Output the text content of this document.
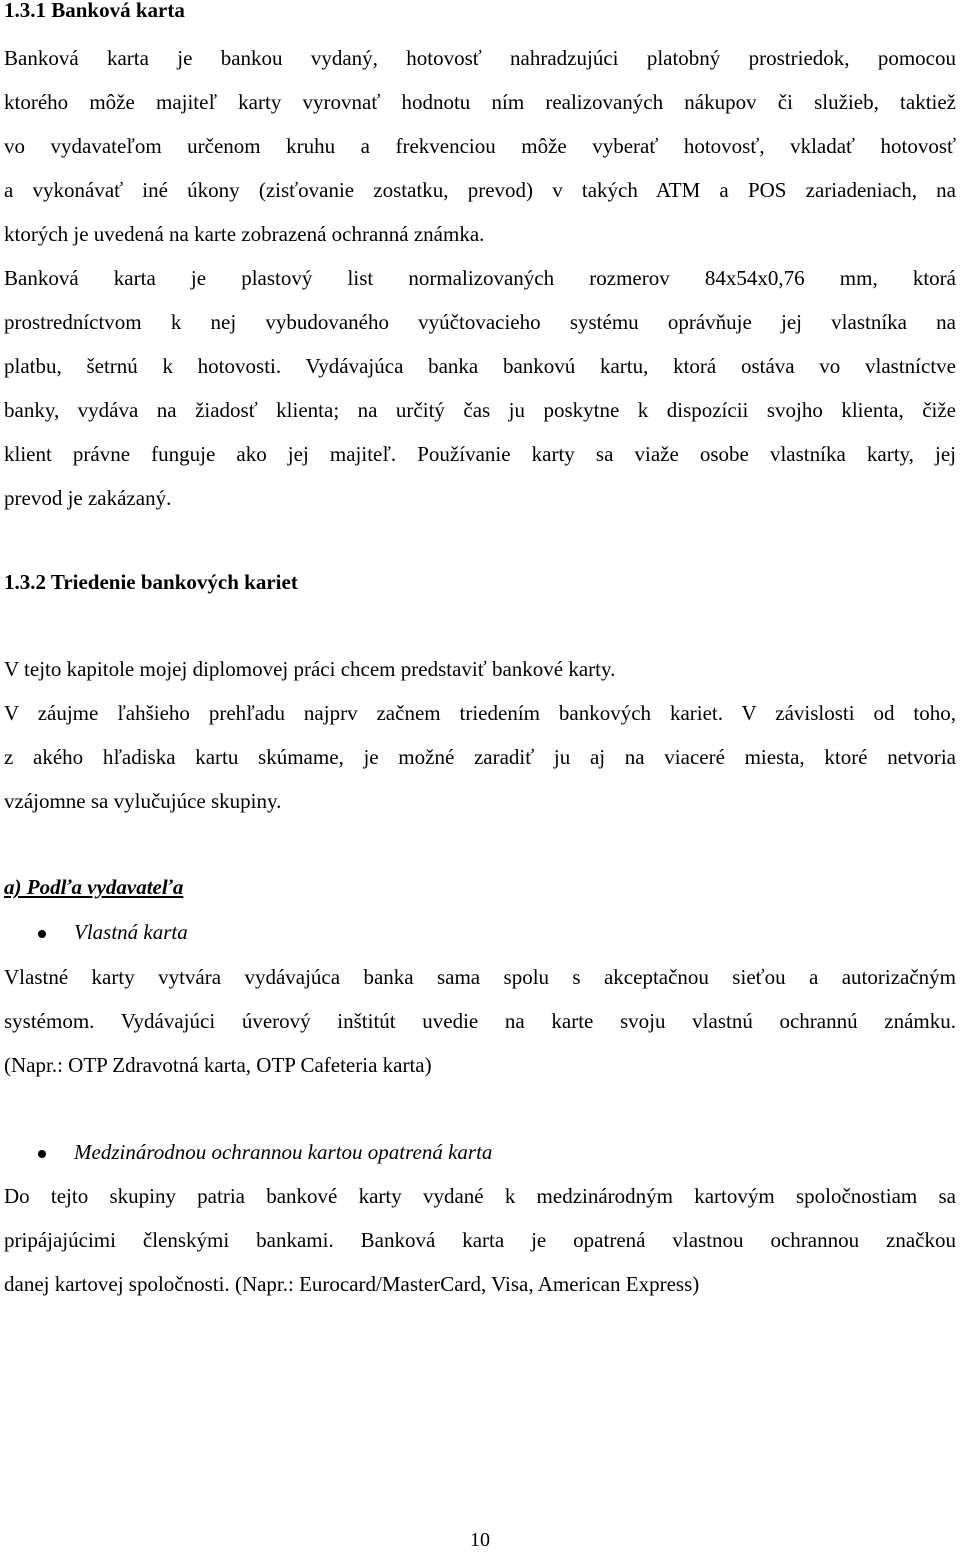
1.3.1 Banková karta
Banková karta je bankou vydaný, hotovosť nahradzujúci platobný prostriedok, pomocou
ktorého môže majiteľ karty vyrovnať hodnotu ním realizovaných nákupov či služieb, taktiež
vo vydavateľom určenom kruhu a frekvenciou môže vyberať hotovosť, vkladať hotovosť
a vykonávať iné úkony (zisťovanie zostatku, prevod) v takých ATM a POS zariadeniach, na
ktorých je uvedená na karte zobrazená ochranná známka.
Banková karta je plastový list normalizovaných rozmerov 84x54x0,76 mm, ktorá
prostredníctvom k nej vybudovaného vyúčtovacieho systému oprávňuje jej vlastníka na
platbu, šetrnú k hotovosti. Vydávajúca banka bankovú kartu, ktorá ostáva vo vlastníctve
banky, vydáva na žiadosť klienta; na určitý čas ju poskytne k dispozícii svojho klienta, čiže
klient právne funguje ako jej majiteľ. Používanie karty sa viaže osobe vlastníka karty, jej
prevod je zakázaný.
1.3.2 Triedenie bankových kariet
V tejto kapitole mojej diplomovej práci chcem predstaviť bankové karty.
V záujme ľahšieho prehľadu najprv začnem triedením bankových kariet. V závislosti od toho,
z akého hľadiska kartu skúmame, je možné zaradiť ju aj na viaceré miesta, ktoré netvoria
vzájomne sa vylučujúce skupiny.
a) Podľa vydavateľa
Vlastná karta
Vlastné karty vytvára vydávajúca banka sama spolu s akceptačnou sieťou a autorizačným
systémom. Vydávajúci úverový inštitút uvedie na karte svoju vlastnú ochrannú známku.
(Napr.: OTP Zdravotná karta, OTP Cafeteria karta)
Medzinárodnou ochrannou kartou opatrená karta
Do tejto skupiny patria bankové karty vydané k medzinárodným kartovým spoločnostiam sa
pripájajúcimi členskými bankami. Banková karta je opatrená vlastnou ochrannou značkou
danej kartovej spoločnosti. (Napr.: Eurocard/MasterCard, Visa, American Express)
10
